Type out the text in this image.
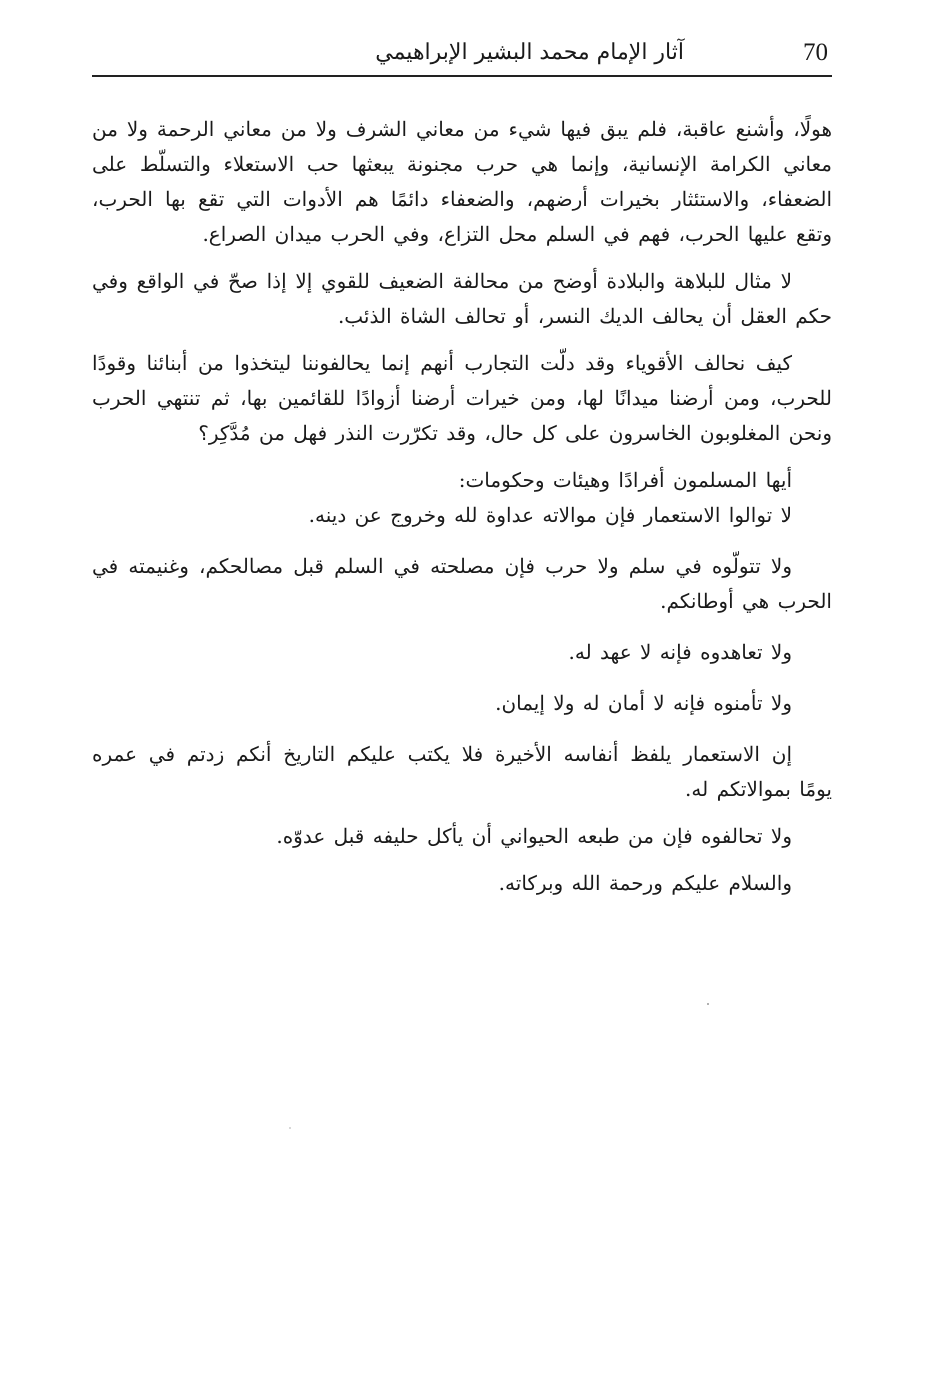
70
آثار الإمام محمد البشير الإبراهيمي

هولًا، وأشنع عاقبة، فلم يبق فيها شيء من معاني الشرف ولا من معاني الرحمة ولا من معاني الكرامة الإنسانية، وإنما هي حرب مجنونة يبعثها حب الاستعلاء والتسلّط على الضعفاء، والاستئثار بخيرات أرضهم، والضعفاء دائمًا هم الأدوات التي تقع بها الحرب، وتقع عليها الحرب، فهم في السلم محل التزاع، وفي الحرب ميدان الصراع.

لا مثال للبلاهة والبلادة أوضح من محالفة الضعيف للقوي إلا إذا صحّ في الواقع وفي حكم العقل أن يحالف الديك النسر، أو تحالف الشاة الذئب.

كيف نحالف الأقوياء وقد دلّت التجارب أنهم إنما يحالفوننا ليتخذوا من أبنائنا وقودًا للحرب، ومن أرضنا ميدانًا لها، ومن خيرات أرضنا أزوادًا للقائمين بها، ثم تنتهي الحرب ونحن المغلوبون الخاسرون على كل حال، وقد تكرّرت النذر فهل من مُدَّكِر؟

أيها المسلمون أفرادًا وهيئات وحكومات:

لا توالوا الاستعمار فإن موالاته عداوة لله وخروج عن دينه.

ولا تتولّوه في سلم ولا حرب فإن مصلحته في السلم قبل مصالحكم، وغنيمته في الحرب هي أوطانكم.

ولا تعاهدوه فإنه لا عهد له.

ولا تأمنوه فإنه لا أمان له ولا إيمان.

إن الاستعمار يلفظ أنفاسه الأخيرة فلا يكتب عليكم التاريخ أنكم زدتم في عمره يومًا بموالاتكم له.

ولا تحالفوه فإن من طبعه الحيواني أن يأكل حليفه قبل عدوّه.

والسلام عليكم ورحمة الله وبركاته.
